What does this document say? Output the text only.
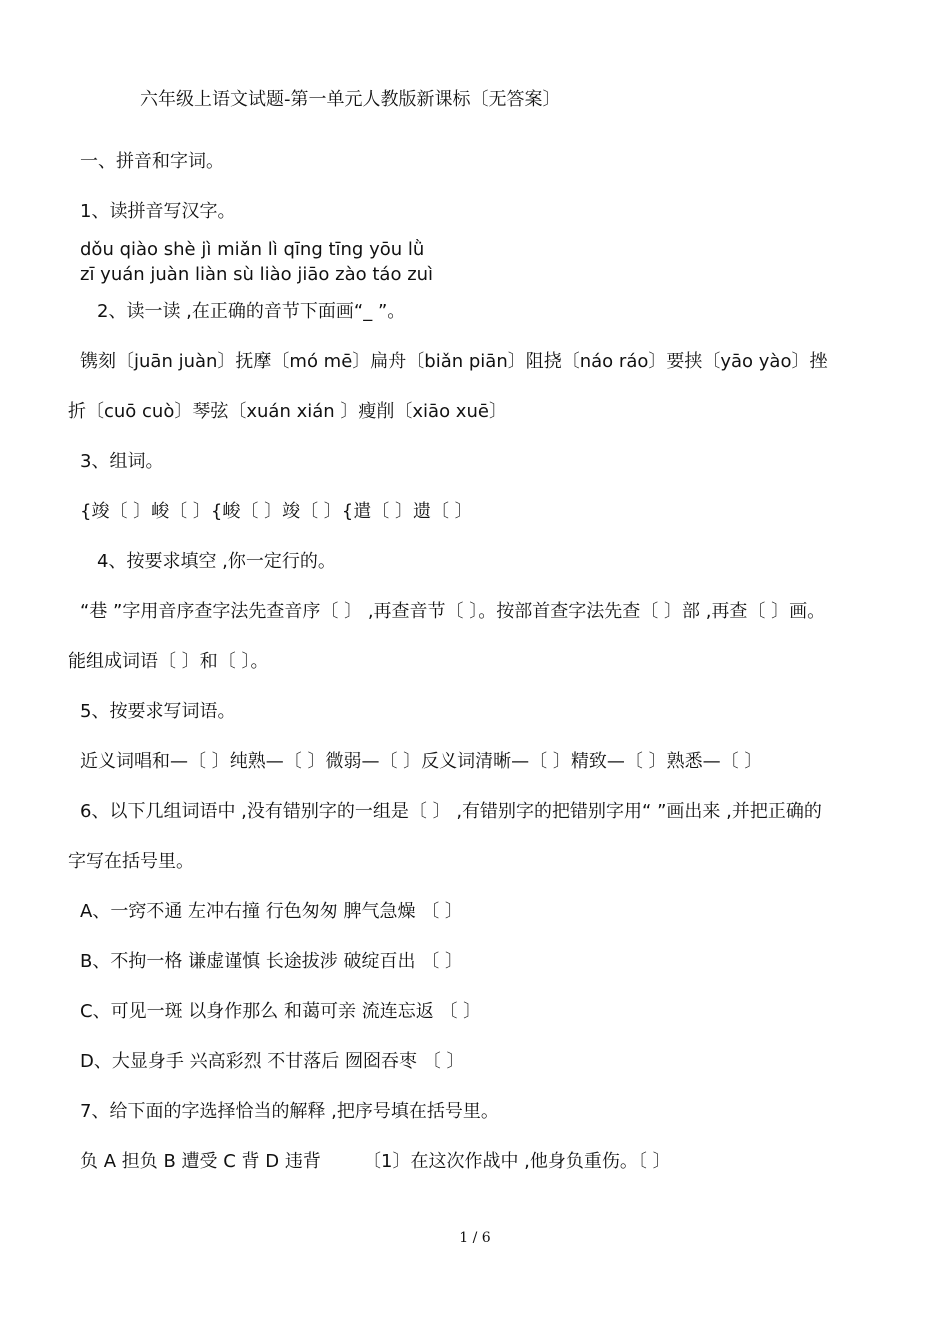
六年级上语文试题-第一单元人教版新课标〔无答案〕
一、拼音和字词。
1、读拼音写汉字。
dǒu qiào shè jì miǎn lì qīng tīng yōu lǜ
zī yuán juàn liàn sù liào jiāo zào táo zuì
2、读一读 ,在正确的音节下面画“_ ”。
镌刻〔juān juàn〕抚摩〔mó mē〕扁舟〔biǎn piān〕阻挠〔náo ráo〕要挟〔yāo yào〕挫
折〔cuō cuò〕琴弦〔xuán xián 〕瘦削〔xiāo xuē〕
3、组词。
{竣〔 〕峻〔 〕{峻〔 〕竣〔 〕{遣〔 〕遗〔 〕
4、按要求填空 ,你一定行的。
“巷 ”字用音序查字法先查音序〔 〕 ,再查音节〔 〕。按部首查字法先查〔 〕部 ,再查〔 〕画。
能组成词语〔 〕和〔 〕。
5、按要求写词语。
近义词唱和—〔 〕纯熟—〔 〕微弱—〔 〕反义词清晰—〔 〕精致—〔 〕熟悉—〔 〕
6、以下几组词语中 ,没有错别字的一组是〔 〕 ,有错别字的把错别字用“ ”画出来 ,并把正确的
字写在括号里。
A、一窍不通 左冲右撞 行色匆匆 脾气急燥 〔 〕
B、不拘一格 谦虚谨慎 长途拔涉 破绽百出 〔 〕
C、可见一斑 以身作那么 和蔼可亲 流连忘返 〔 〕
D、大显身手 兴高彩烈 不甘落后 囫囵吞枣 〔 〕
7、给下面的字选择恰当的解释 ,把序号填在括号里。
负 A 担负 B 遭受 C 背 D 违背 〔1〕在这次作战中 ,他身负重伤。〔 〕
1 / 6
